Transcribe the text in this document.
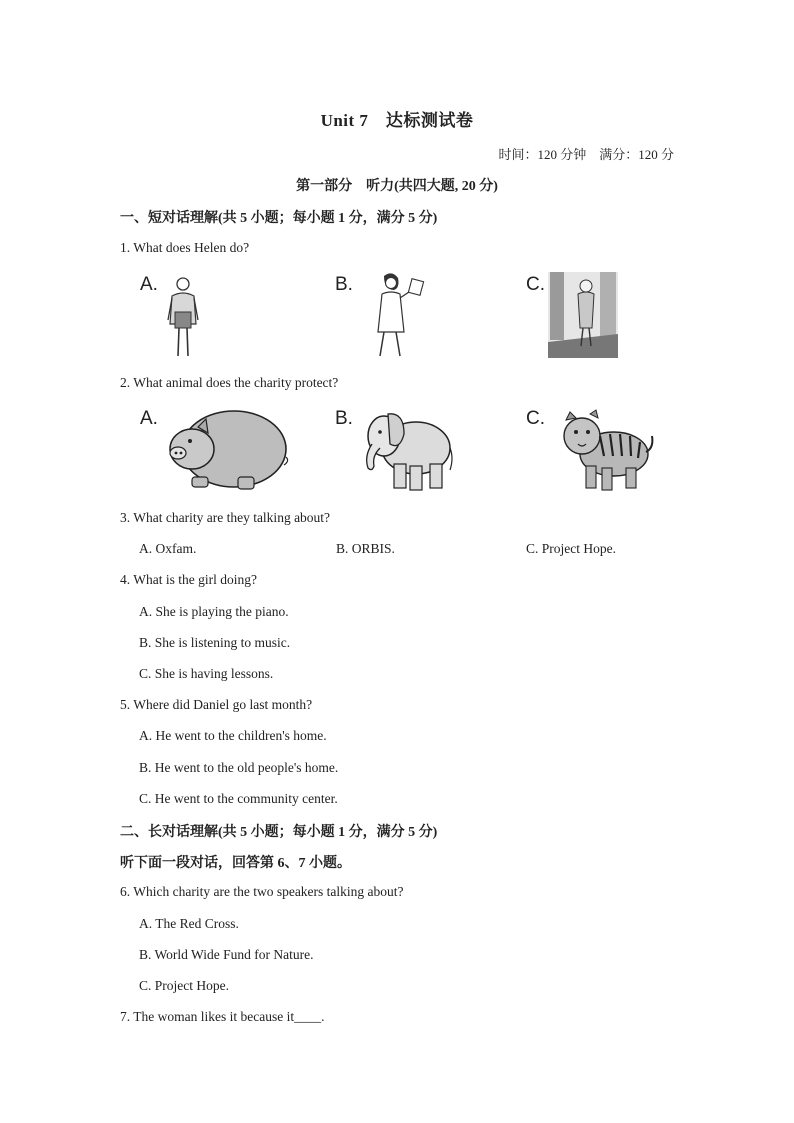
Unit 7　达标测试卷
时间：120 分钟　满分：120 分
第一部分　听力(共四大题, 20 分)
一、短对话理解(共 5 小题；每小题 1 分，满分 5 分)
1. What does Helen do?
A.	B.	C.
2. What animal does the charity protect?
A.	B.	C.
3. What charity are they talking about?
A. Oxfam.	B. ORBIS.	C. Project Hope.
4. What is the girl doing?
A. She is playing the piano.
B. She is listening to music.
C. She is having lessons.
5. Where did Daniel go last month?
A. He went to the children's home.
B. He went to the old people's home.
C. He went to the community center.
二、长对话理解(共 5 小题；每小题 1 分，满分 5 分)
听下面一段对话，回答第 6、7 小题。
6. Which charity are the two speakers talking about?
A. The Red Cross.
B. World Wide Fund for Nature.
C. Project Hope.
7. The woman likes it because it____.
